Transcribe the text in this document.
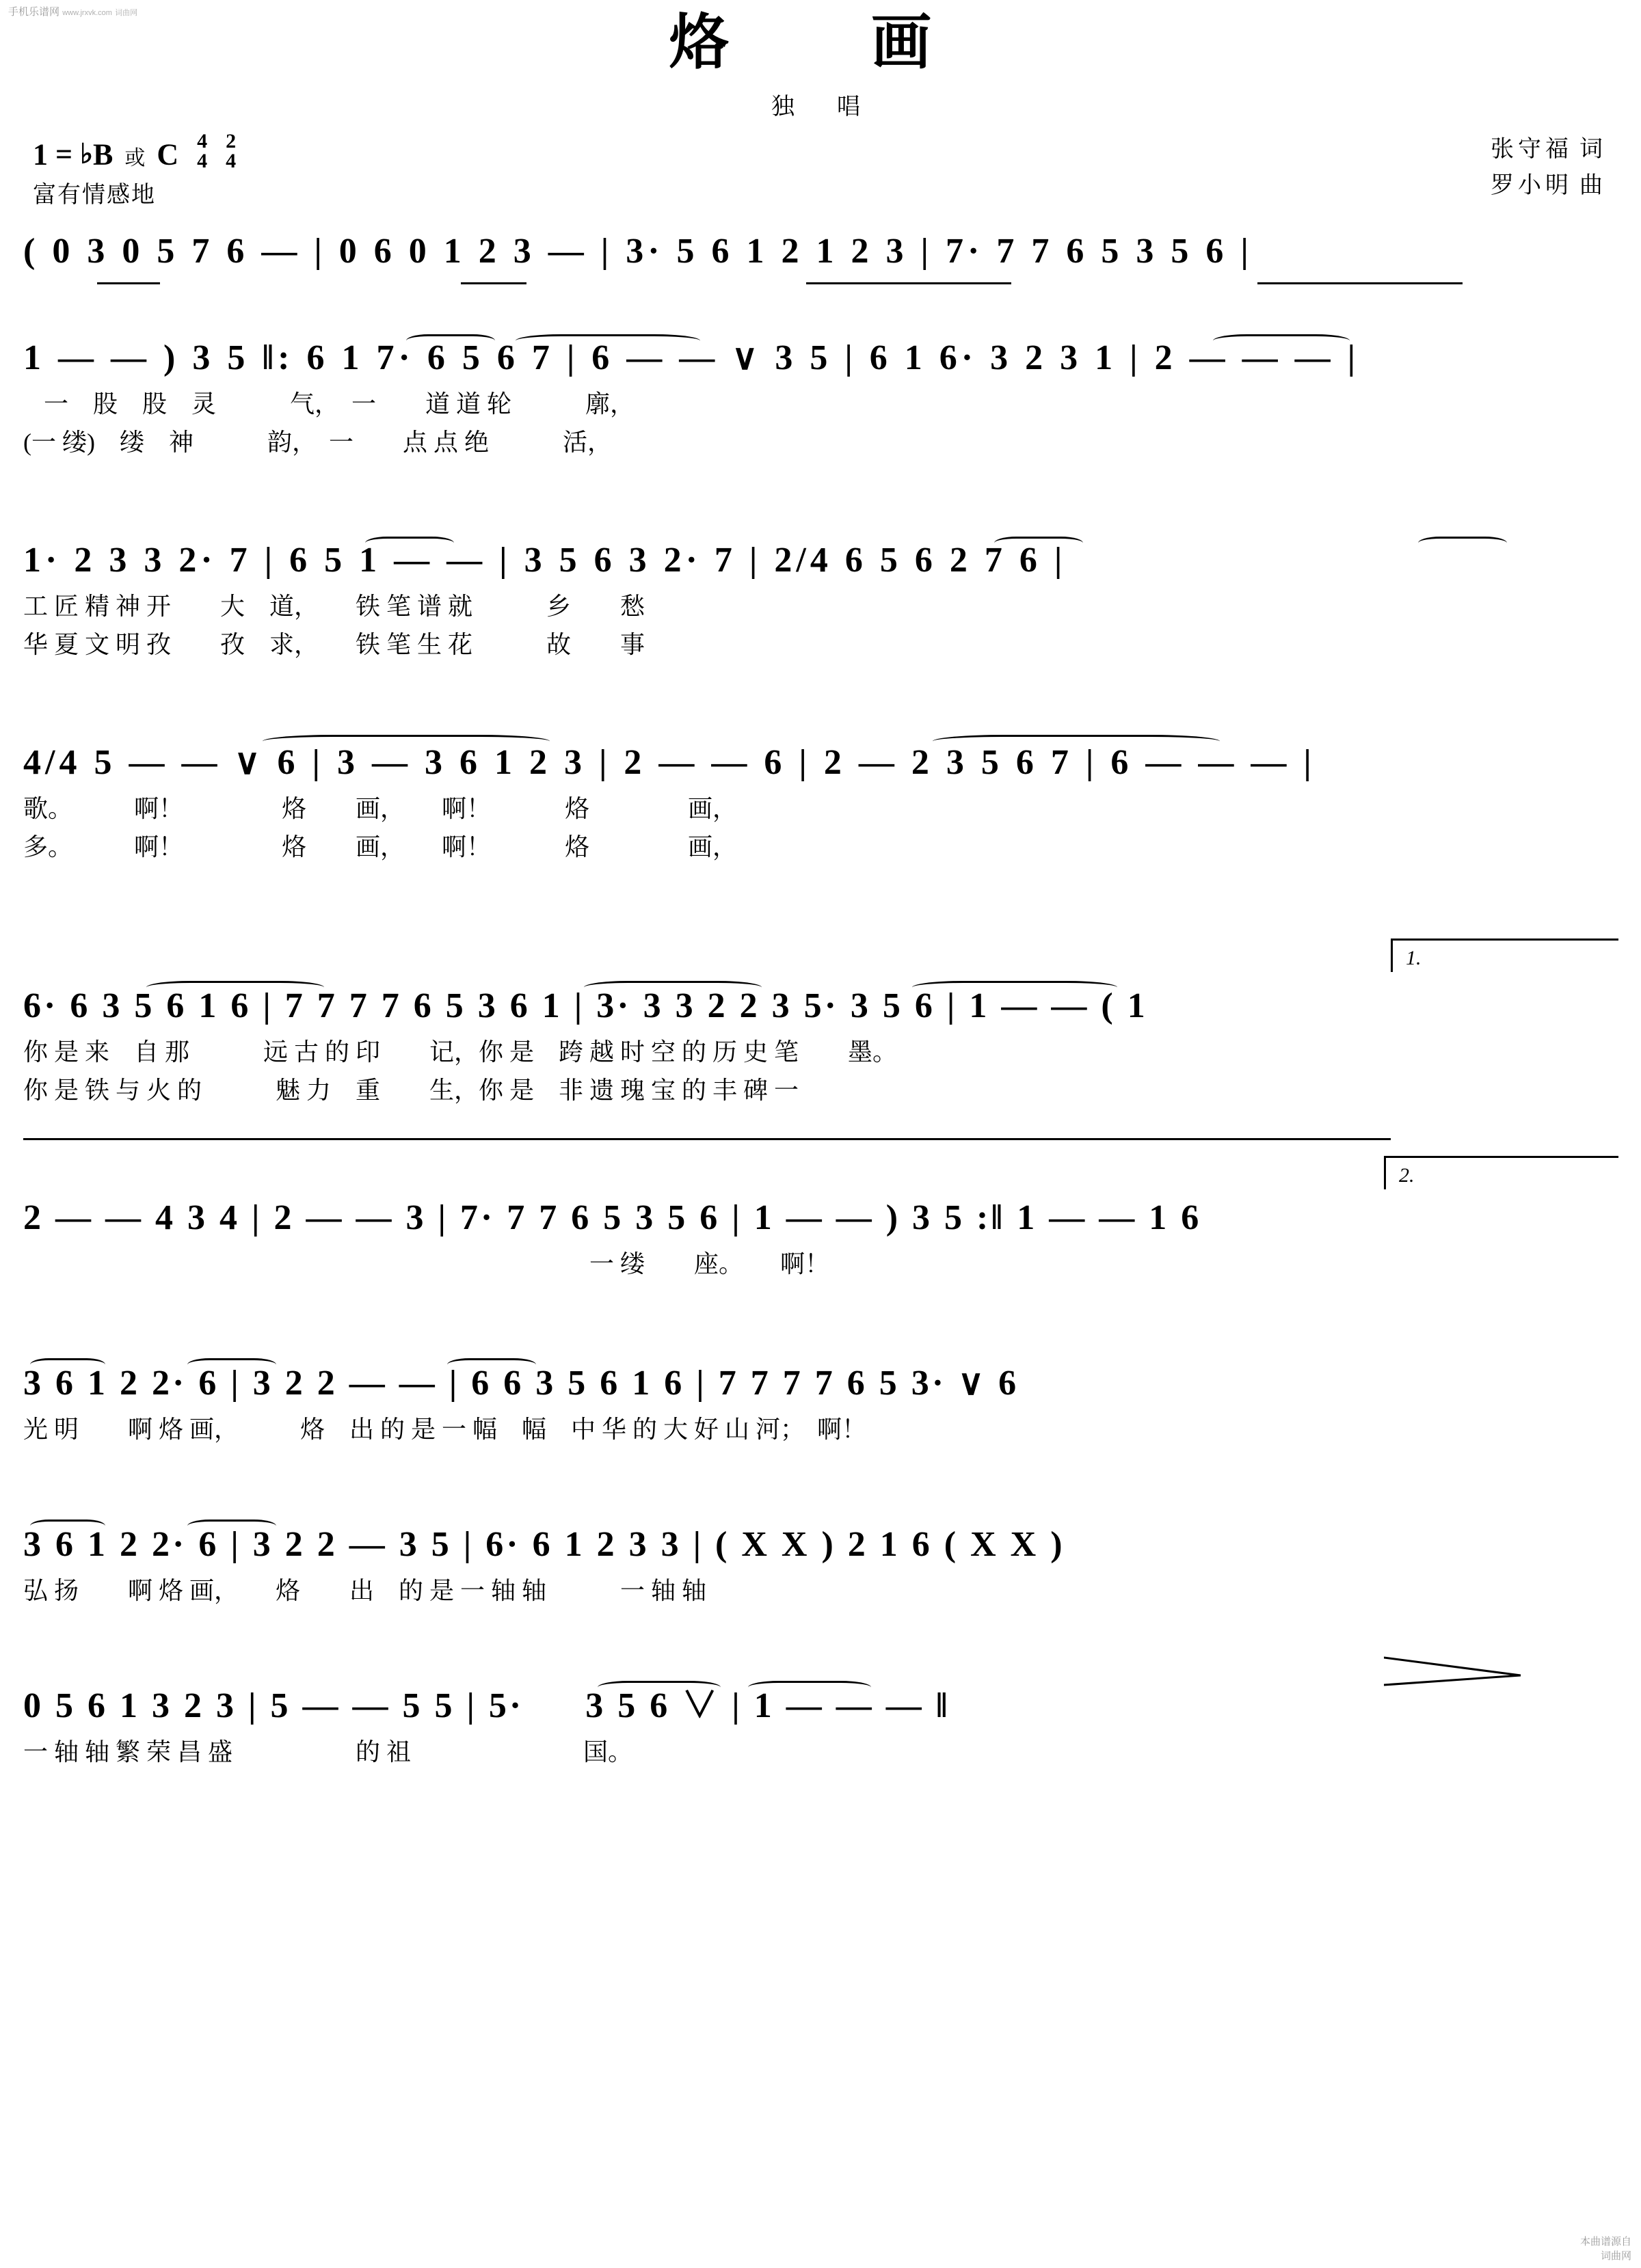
手机乐谱网 www.jrxvk.com 词曲网
本曲谱源自
词曲网
烙　画
独　唱
1 = ♭B 或 C 4
4

2
4
富有情感地
张守福 词
罗小明 曲
( 0 3 0 5 7 6 — | 0 6 0 1 2 3 — | 3· 5 6 1 2 1 2 3 | 7· 7 7 6 5 3 5 6 |
1 — — ) 3 5 ‖: 6 1 7· 6 5 6 7 | 6 — — ∨ 3 5 | 6 1 6· 3 2 3 1 | 2 — — — |
一　股　股　灵　　　气，　一　　道 道 轮　　　廓，
(一 缕)　缕　神　　　韵，　一　　点 点 绝　　　活，
1· 2 3 3 2· 7 | 6 5 1 — — | 3 5 6 3 2· 7 | 2/4 6 5 6 2 7 6 |
工 匠 精 神 开　　大　道，　　铁 笔 谱 就　　　乡　　愁
华 夏 文 明 孜　　孜　求，　　铁 笔 生 花　　　故　　事
4/4 5 — — ∨ 6 | 3 — 3 6 1 2 3 | 2 — — 6 | 2 — 2 3 5 6 7 | 6 — — — |
歌。　　　啊！　　　　烙　　画，　　啊！　　　烙　　　　画，
多。　　　啊！　　　　烙　　画，　　啊！　　　烙　　　　画，
1.
6· 6 3 5 6 1 6 | 7 7 7 7 6 5 3 6 1 | 3· 3 3 2 2 3 5· 3 5 6 | 1 — — ( 1
你 是 来　自 那　　　远 古 的 印　　记，你 是　跨 越 时 空 的 历 史 笔　　墨。
你 是 铁 与 火 的　　　魅 力　重　　生，你 是　非 遗 瑰 宝 的 丰 碑 一
2.
2 — — 4 3 4 | 2 — — 3 | 7· 7 7 6 5 3 5 6 | 1 — — ) 3 5 :‖ 1 — — 1 6
　　　　　　　　　　　　　　　　　　　　　　　一 缕　　座。　　啊！
3 6 1 2 2· 6 | 3 2 2 — — | 6 6 3 5 6 1 6 | 7 7 7 7 6 5 3· ∨ 6
光 明　　啊 烙 画，　　　烙　出 的 是 一 幅　幅　中 华 的 大 好 山 河；　啊！
3 6 1 2 2· 6 | 3 2 2 — 3 5 | 6· 6 1 2 3 3 | ( X X ) 2 1 6 ( X X )
弘 扬　　啊 烙 画，　　烙　　出　的 是 一 轴 轴　　　一 轴 轴
0 5 6 1 3 2 3 | 5 — — 5 5 | 5· 　 3 5 6 ∨ | 1 — — — ‖
一 轴 轴 繁 荣 昌 盛　　　　　的 祖　　　　　　　国。
